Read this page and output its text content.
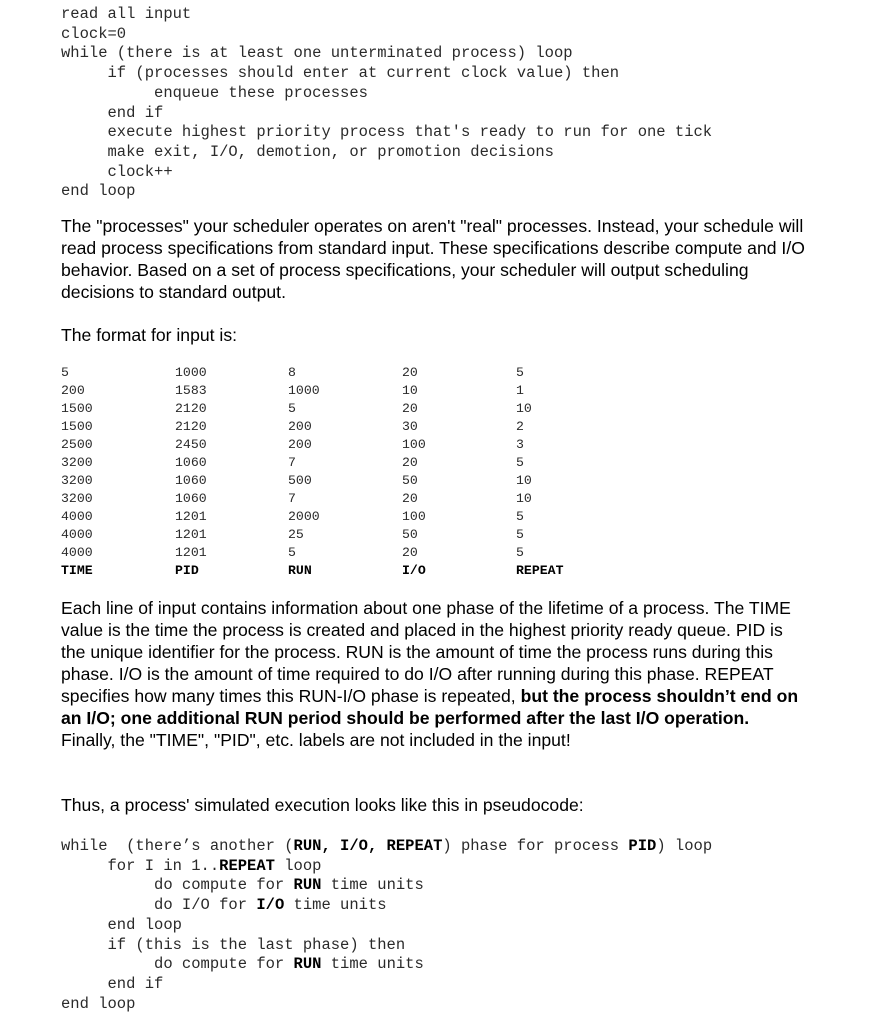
read all input
clock=0
while (there is at least one unterminated process) loop
if (processes should enter at current clock value) then
enqueue these processes
end if
execute highest priority process that's ready to run for one tick
make exit, I/O, demotion, or promotion decisions
clock++
end loop

The "processes" your scheduler operates on aren't "real" processes. Instead, your schedule will read process specifications from standard input. These specifications describe compute and I/O behavior. Based on a set of process specifications, your scheduler will output scheduling decisions to standard output.

The format for input is:

5	1000	8	20	5
200	1583	1000	10	1
1500	2120	5	20	10
1500	2120	200	30	2
2500	2450	200	100	3
3200	1060	7	20	5
3200	1060	500	50	10
3200	1060	7	20	10
4000	1201	2000	100	5
4000	1201	25	50	5
4000	1201	5	20	5
TIME	PID	RUN	I/O	REPEAT

Each line of input contains information about one phase of the lifetime of a process. The TIME value is the time the process is created and placed in the highest priority ready queue. PID is the unique identifier for the process. RUN is the amount of time the process runs during this phase. I/O is the amount of time required to do I/O after running during this phase. REPEAT specifies how many times this RUN-I/O phase is repeated, but the process shouldn’t end on an I/O; one additional RUN period should be performed after the last I/O operation. Finally, the "TIME", "PID", etc. labels are not included in the input!

Thus, a process' simulated execution looks like this in pseudocode:

while  (there’s another (RUN, I/O, REPEAT) phase for process PID) loop
for I in 1..REPEAT loop
do compute for RUN time units
do I/O for I/O time units
end loop
if (this is the last phase) then
do compute for RUN time units
end if
end loop
